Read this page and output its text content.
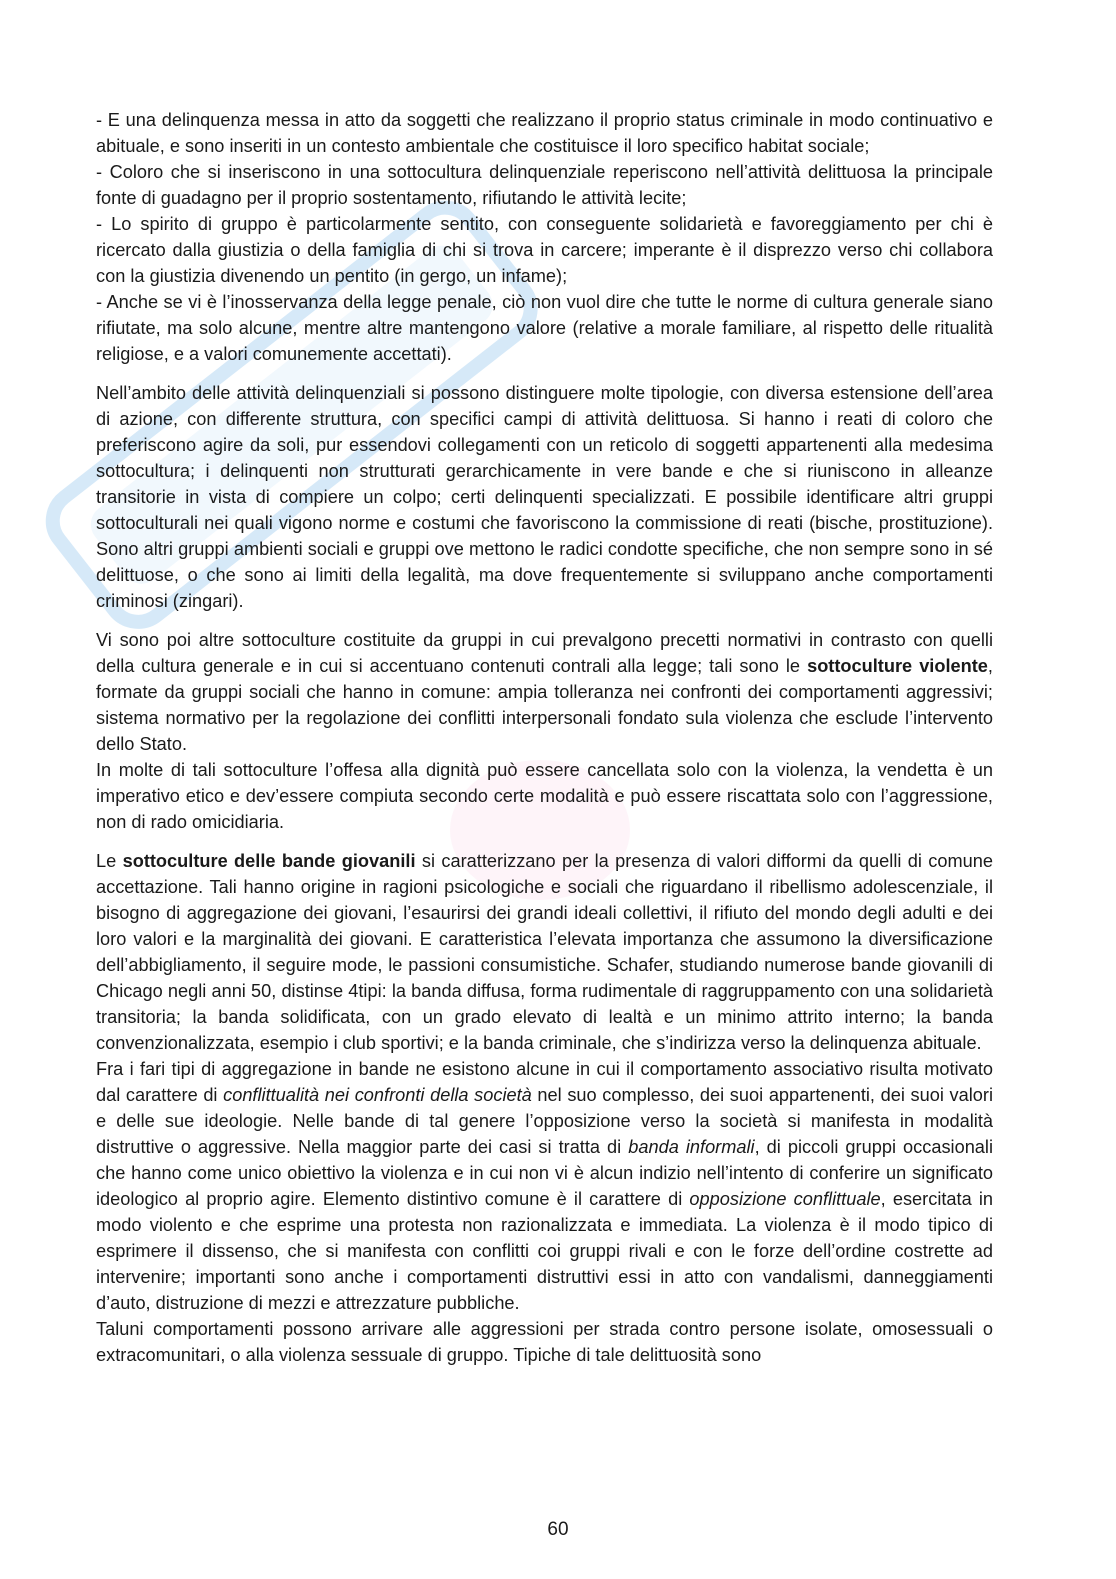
- E una delinquenza messa in atto da soggetti che realizzano il proprio status criminale in modo continuativo e abituale, e sono inseriti in un contesto ambientale che costituisce il loro specifico habitat sociale;

- Coloro che si inseriscono in una sottocultura delinquenziale reperiscono nell’attività delittuosa la principale fonte di guadagno per il proprio sostentamento, rifiutando le attività lecite;

- Lo spirito di gruppo è particolarmente sentito, con conseguente solidarietà e favoreggiamento per chi è ricercato dalla giustizia o della famiglia di chi si trova in carcere; imperante è il disprezzo verso chi collabora con la giustizia divenendo un pentito (in gergo, un infame);

- Anche se vi è l’inosservanza della legge penale, ciò non vuol dire che tutte le norme di cultura generale siano rifiutate, ma solo alcune, mentre altre mantengono valore (relative a morale familiare, al rispetto delle ritualità religiose, e a valori comunemente accettati).

Nell’ambito delle attività delinquenziali si possono distinguere molte tipologie, con diversa estensione dell’area di azione, con differente struttura, con specifici campi di attività delittuosa. Si hanno i reati di coloro che preferiscono agire da soli, pur essendovi collegamenti con un reticolo di soggetti appartenenti alla medesima sottocultura; i delinquenti non strutturati gerarchicamente in vere bande e che si riuniscono in alleanze transitorie in vista di compiere un colpo; certi delinquenti specializzati. E possibile identificare altri gruppi sottoculturali nei quali vigono norme e costumi che favoriscono la commissione di reati (bische, prostituzione). Sono altri gruppi ambienti sociali e gruppi ove mettono le radici condotte specifiche, che non sempre sono in sé delittuose, o che sono ai limiti della legalità, ma dove frequentemente si sviluppano anche comportamenti criminosi (zingari).

Vi sono poi altre sottoculture costituite da gruppi in cui prevalgono precetti normativi in contrasto con quelli della cultura generale e in cui si accentuano contenuti contrali alla legge; tali sono le sottoculture violente, formate da gruppi sociali che hanno in comune: ampia tolleranza nei confronti dei comportamenti aggressivi; sistema normativo per la regolazione dei conflitti interpersonali fondato sula violenza che esclude l’intervento dello Stato.

In molte di tali sottoculture l’offesa alla dignità può essere cancellata solo con la violenza, la vendetta è un imperativo etico e dev’essere compiuta secondo certe modalità e può essere riscattata solo con l’aggressione, non di rado omicidiaria.

Le sottoculture delle bande giovanili si caratterizzano per la presenza di valori difformi da quelli di comune accettazione. Tali hanno origine in ragioni psicologiche e sociali che riguardano il ribellismo adolescenziale, il bisogno di aggregazione dei giovani, l’esaurirsi dei grandi ideali collettivi, il rifiuto del mondo degli adulti e dei loro valori e la marginalità dei giovani. E caratteristica l’elevata importanza che assumono la diversificazione dell’abbigliamento, il seguire mode, le passioni consumistiche. Schafer, studiando numerose bande giovanili di Chicago negli anni 50, distinse 4tipi: la banda diffusa, forma rudimentale di raggruppamento con una solidarietà transitoria; la banda solidificata, con un grado elevato di lealtà e un minimo attrito interno; la banda convenzionalizzata, esempio i club sportivi; e la banda criminale, che s’indirizza verso la delinquenza abituale.

Fra i fari tipi di aggregazione in bande ne esistono alcune in cui il comportamento associativo risulta motivato dal carattere di conflittualità nei confronti della società nel suo complesso, dei suoi appartenenti, dei suoi valori e delle sue ideologie. Nelle bande di tal genere l’opposizione verso la società si manifesta in modalità distruttive o aggressive. Nella maggior parte dei casi si tratta di banda informali, di piccoli gruppi occasionali che hanno come unico obiettivo la violenza e in cui non vi è alcun indizio nell’intento di conferire un significato ideologico al proprio agire. Elemento distintivo comune è il carattere di opposizione conflittuale, esercitata in modo violento e che esprime una protesta non razionalizzata e immediata. La violenza è il modo tipico di esprimere il dissenso, che si manifesta con conflitti coi gruppi rivali e con le forze dell’ordine costrette ad intervenire; importanti sono anche i comportamenti distruttivi essi in atto con vandalismi, danneggiamenti d’auto, distruzione di mezzi e attrezzature pubbliche.

Taluni comportamenti possono arrivare alle aggressioni per strada contro persone isolate, omosessuali o extracomunitari, o alla violenza sessuale di gruppo. Tipiche di tale delittuosità sono

60
